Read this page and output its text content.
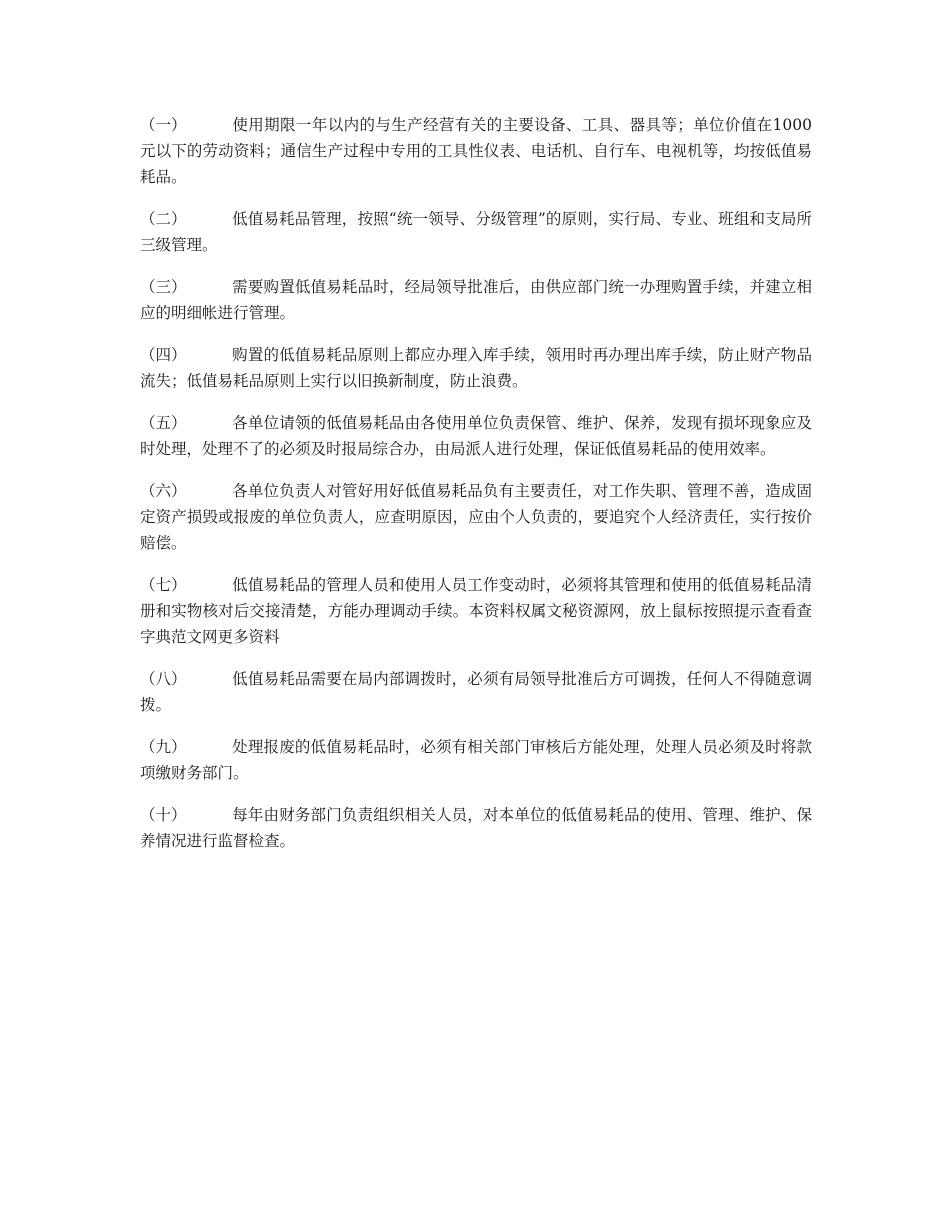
（一）	使用期限一年以内的与生产经营有关的主要设备、工具、器具等；单位价值在1000元以下的劳动资料；通信生产过程中专用的工具性仪表、电话机、自行车、电视机等，均按低值易耗品。

（二）	低值易耗品管理，按照“统一领导、分级管理”的原则，实行局、专业、班组和支局所三级管理。

（三）	需要购置低值易耗品时，经局领导批准后，由供应部门统一办理购置手续，并建立相应的明细帐进行管理。

（四）	购置的低值易耗品原则上都应办理入库手续，领用时再办理出库手续，防止财产物品流失；低值易耗品原则上实行以旧换新制度，防止浪费。

（五）	各单位请领的低值易耗品由各使用单位负责保管、维护、保养，发现有损坏现象应及时处理，处理不了的必须及时报局综合办，由局派人进行处理，保证低值易耗品的使用效率。

（六）	各单位负责人对管好用好低值易耗品负有主要责任，对工作失职、管理不善，造成固定资产损毁或报废的单位负责人，应查明原因，应由个人负责的，要追究个人经济责任，实行按价赔偿。

（七）	低值易耗品的管理人员和使用人员工作变动时，必须将其管理和使用的低值易耗品清册和实物核对后交接清楚，方能办理调动手续。本资料权属文秘资源网，放上鼠标按照提示查看查字典范文网更多资料

（八）	低值易耗品需要在局内部调拨时，必须有局领导批准后方可调拨，任何人不得随意调拨。

（九）	处理报废的低值易耗品时，必须有相关部门审核后方能处理，处理人员必须及时将款项缴财务部门。

（十）	每年由财务部门负责组织相关人员，对本单位的低值易耗品的使用、管理、维护、保养情况进行监督检查。
